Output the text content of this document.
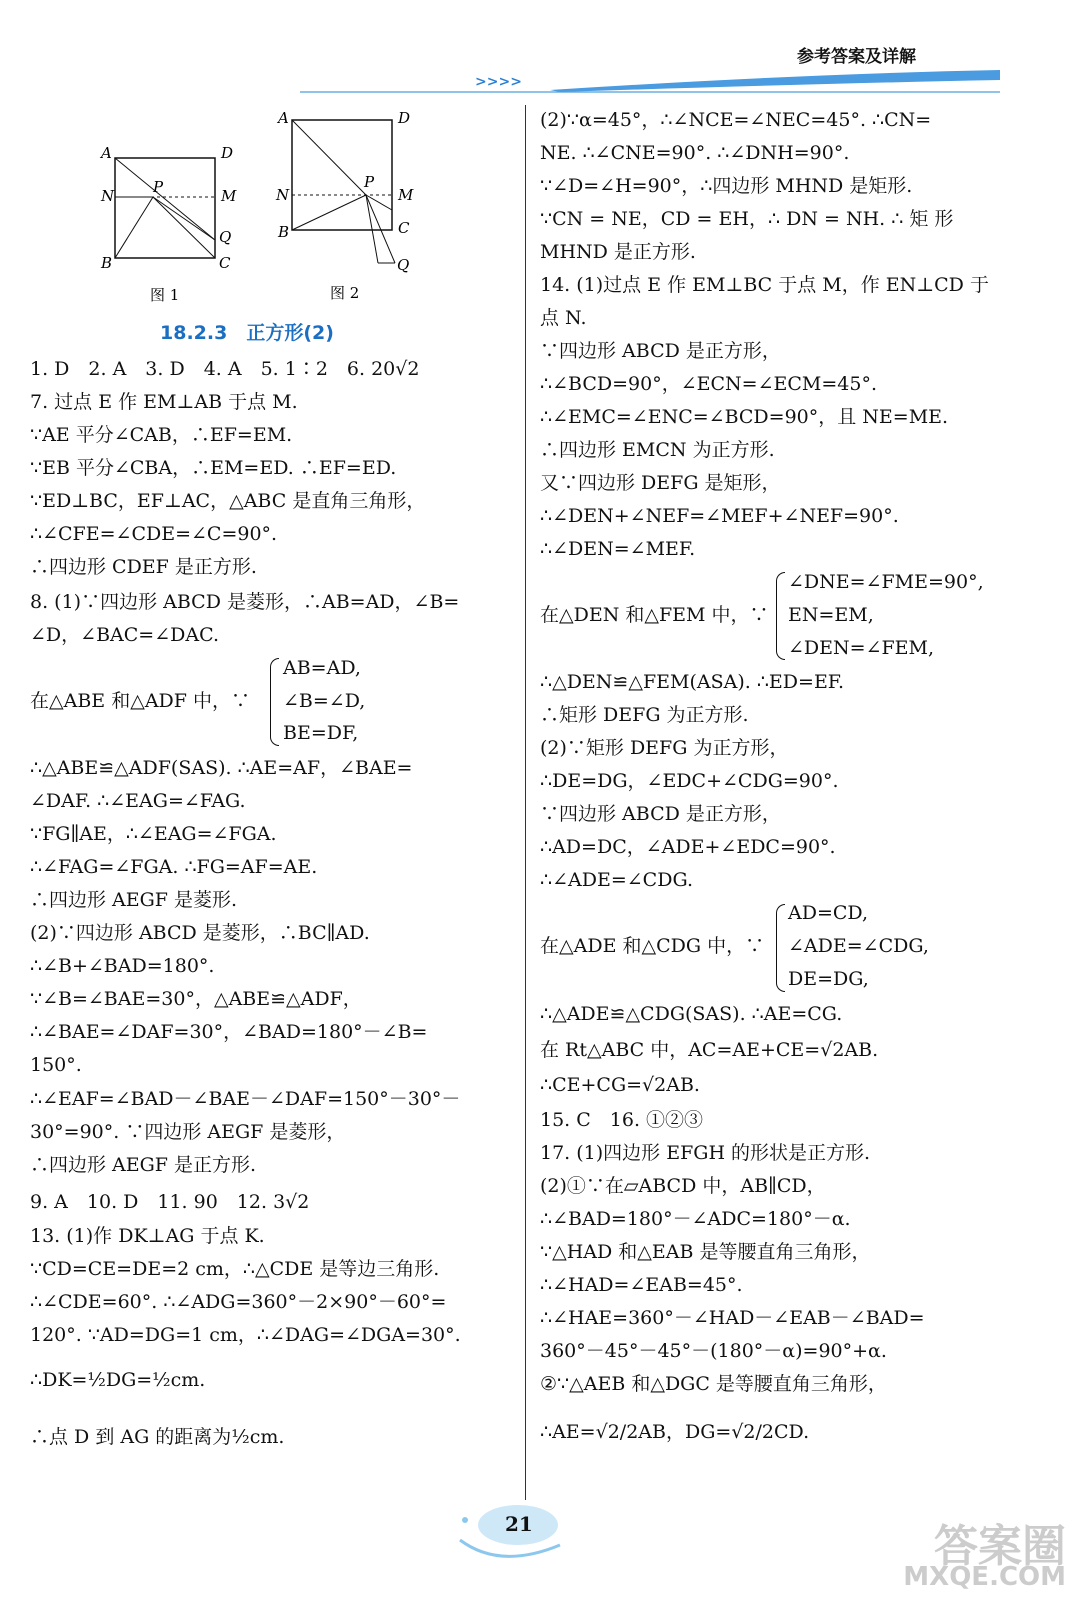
参考答案及详解
>>>>
A	D
N	P	M
Q
B	C
图 1
A	D
N
P
M
B	C
Q
图 2
18.2.3　正方形(2)
1. D　2. A　3. D　4. A　5. 1∶2　6. 20√2
7. 过点 E 作 EM⊥AB 于点 M.
∵AE 平分∠CAB，∴EF=EM.
∵EB 平分∠CBA，∴EM=ED. ∴EF=ED.
∵ED⊥BC，EF⊥AC，△ABC 是直角三角形，
∴∠CFE=∠CDE=∠C=90°.
∴四边形 CDEF 是正方形.
8. (1)∵四边形 ABCD 是菱形，∴AB=AD，∠B=
∠D，∠BAC=∠DAC.
在△ABE 和△ADF 中，∵
AB=AD,
∠B=∠D,
BE=DF,
∴△ABE≌△ADF(SAS). ∴AE=AF，∠BAE=
∠DAF. ∴∠EAG=∠FAG.
∵FG∥AE，∴∠EAG=∠FGA.
∴∠FAG=∠FGA. ∴FG=AF=AE.
∴四边形 AEGF 是菱形.
(2)∵四边形 ABCD 是菱形，∴BC∥AD.
∴∠B+∠BAD=180°.
∵∠B=∠BAE=30°，△ABE≌△ADF，
∴∠BAE=∠DAF=30°，∠BAD=180°－∠B=
150°.
∴∠EAF=∠BAD－∠BAE－∠DAF=150°－30°－
30°=90°. ∵四边形 AEGF 是菱形，
∴四边形 AEGF 是正方形.
9. A　10. D　11. 90　12. 3√2
13. (1)作 DK⊥AG 于点 K.
∵CD=CE=DE=2 cm，∴△CDE 是等边三角形.
∴∠CDE=60°. ∴∠ADG=360°－2×90°－60°=
120°. ∵AD=DG=1 cm，∴∠DAG=∠DGA=30°.
∴DK=½DG=½cm.
∴点 D 到 AG 的距离为½cm.
(2)∵α=45°，∴∠NCE=∠NEC=45°. ∴CN=
NE. ∴∠CNE=90°. ∴∠DNH=90°.
∵∠D=∠H=90°，∴四边形 MHND 是矩形.
∵CN = NE，CD = EH，∴ DN = NH. ∴ 矩 形
MHND 是正方形.
14. (1)过点 E 作 EM⊥BC 于点 M，作 EN⊥CD 于
点 N.
∵四边形 ABCD 是正方形，
∴∠BCD=90°，∠ECN=∠ECM=45°.
∴∠EMC=∠ENC=∠BCD=90°，且 NE=ME.
∴四边形 EMCN 为正方形.
又∵四边形 DEFG 是矩形，
∴∠DEN+∠NEF=∠MEF+∠NEF=90°.
∴∠DEN=∠MEF.
∠DNE=∠FME=90°,
在△DEN 和△FEM 中，∵ EN=EM,
∠DEN=∠FEM,
∴△DEN≌△FEM(ASA). ∴ED=EF.
∴矩形 DEFG 为正方形.
(2)∵矩形 DEFG 为正方形，
∴DE=DG，∠EDC+∠CDG=90°.
∵四边形 ABCD 是正方形，
∴AD=DC，∠ADE+∠EDC=90°.
∴∠ADE=∠CDG.
AD=CD,
在△ADE 和△CDG 中，∵ ∠ADE=∠CDG,
DE=DG,
∴△ADE≌△CDG(SAS). ∴AE=CG.
在 Rt△ABC 中，AC=AE+CE=√2AB.
∴CE+CG=√2AB.
15. C　16. ①②③
17. (1)四边形 EFGH 的形状是正方形.
(2)①∵在▱ABCD 中，AB∥CD，
∴∠BAD=180°－∠ADC=180°－α.
∵△HAD 和△EAB 是等腰直角三角形，
∴∠HAD=∠EAB=45°.
∴∠HAE=360°－∠HAD－∠EAB－∠BAD=
360°－45°－45°－(180°－α)=90°+α.
②∵△AEB 和△DGC 是等腰直角三角形，
∴AE=√2/2AB，DG=√2/2CD.
21	答案圈
MXQE.COM
